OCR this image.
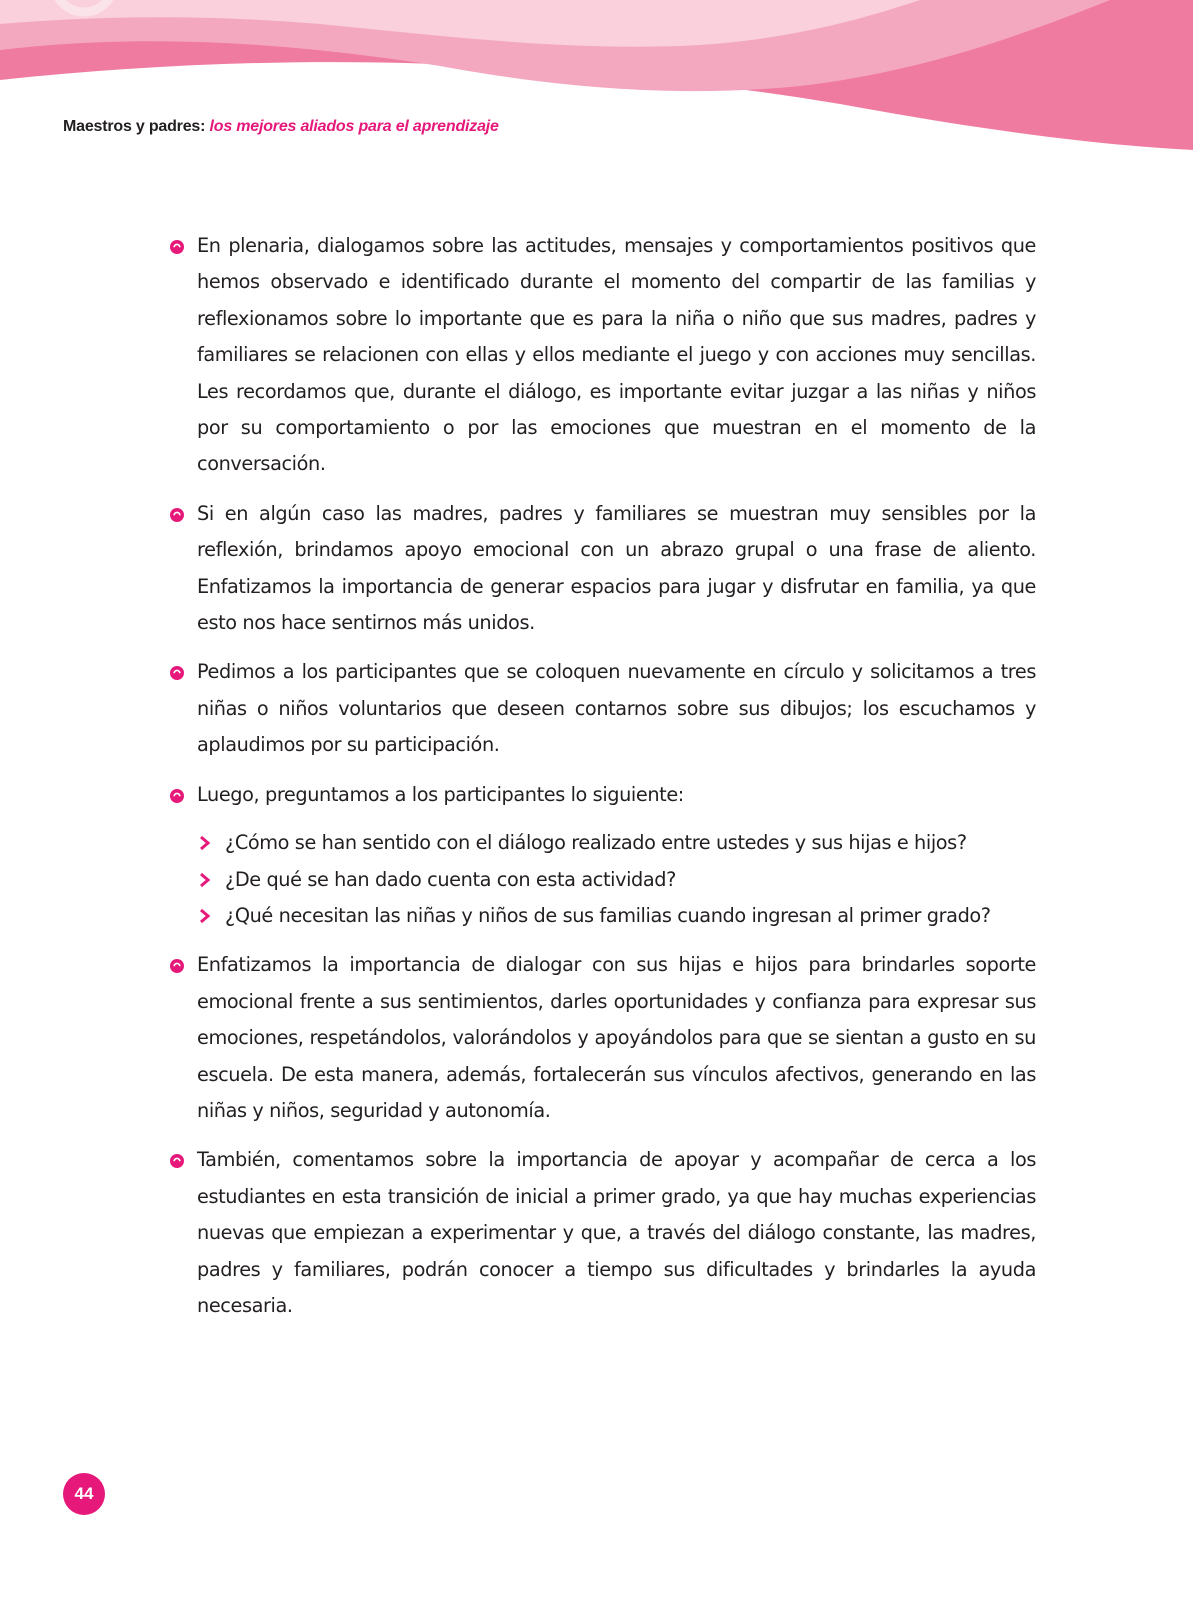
Maestros y padres: los mejores aliados para el aprendizaje

En plenaria, dialogamos sobre las actitudes, mensajes y comportamientos positivos que hemos observado e identificado durante el momento del compartir de las familias y reflexionamos sobre lo importante que es para la niña o niño que sus madres, padres y familiares se relacionen con ellas y ellos mediante el juego y con acciones muy sencillas. Les recordamos que, durante el diálogo, es importante evitar juzgar a las niñas y niños por su comportamiento o por las emociones que muestran en el momento de la conversación.

Si en algún caso las madres, padres y familiares se muestran muy sensibles por la reflexión, brindamos apoyo emocional con un abrazo grupal o una frase de aliento. Enfatizamos la importancia de generar espacios para jugar y disfrutar en familia, ya que esto nos hace sentirnos más unidos.

Pedimos a los participantes que se coloquen nuevamente en círculo y solicitamos a tres niñas o niños voluntarios que deseen contarnos sobre sus dibujos; los escuchamos y aplaudimos por su participación.

Luego, preguntamos a los participantes lo siguiente:

¿Cómo se han sentido con el diálogo realizado entre ustedes y sus hijas e hijos?

¿De qué se han dado cuenta con esta actividad?

¿Qué necesitan las niñas y niños de sus familias cuando ingresan al primer grado?

Enfatizamos la importancia de dialogar con sus hijas e hijos para brindarles soporte emocional frente a sus sentimientos, darles oportunidades y confianza para expresar sus emociones, respetándolos, valorándolos y apoyándolos para que se sientan a gusto en su escuela. De esta manera, además, fortalecerán sus vínculos afectivos, generando en las niñas y niños, seguridad y autonomía.

También, comentamos sobre la importancia de apoyar y acompañar de cerca a los estudiantes en esta transición de inicial a primer grado, ya que hay muchas experiencias nuevas que empiezan a experimentar y que, a través del diálogo constante, las madres, padres y familiares, podrán conocer a tiempo sus dificultades y brindarles la ayuda necesaria.

44
